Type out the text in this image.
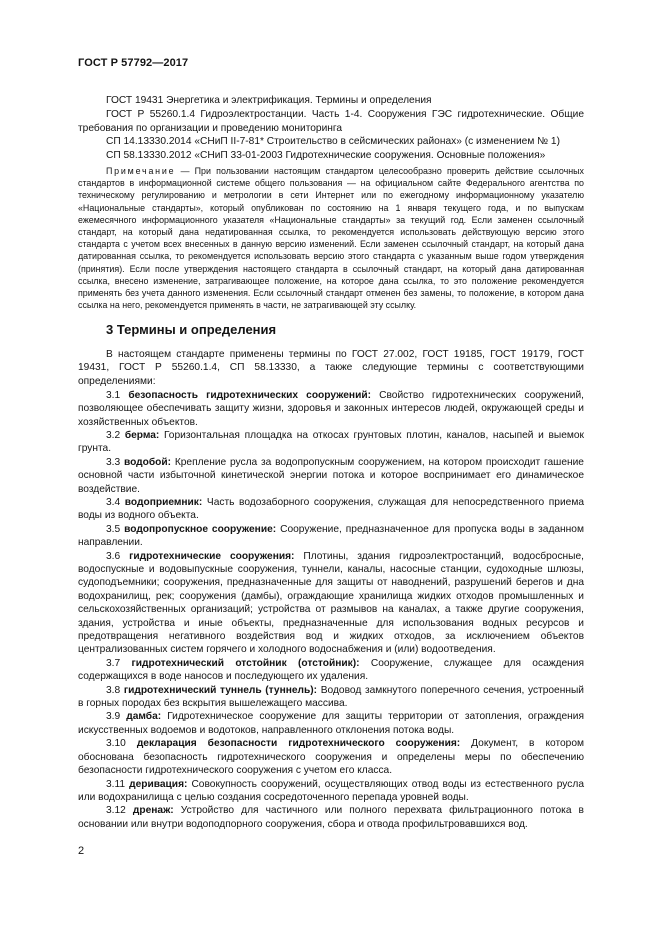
ГОСТ Р 57792—2017

ГОСТ 19431 Энергетика и электрификация. Термины и определения

ГОСТ Р 55260.1.4 Гидроэлектростанции. Часть 1-4. Сооружения ГЭС гидротехнические. Общие требования по организации и проведению мониторинга

СП 14.13330.2014 «СНиП II-7-81* Строительство в сейсмических районах» (с изменением № 1)

СП 58.13330.2012 «СНиП 33-01-2003 Гидротехнические сооружения. Основные положения»

Примечание — При пользовании настоящим стандартом целесообразно проверить действие ссылочных стандартов в информационной системе общего пользования — на официальном сайте Федерального агентства по техническому регулированию и метрологии в сети Интернет или по ежегодному информационному указателю «Национальные стандарты», который опубликован по состоянию на 1 января текущего года, и по выпускам ежемесячного информационного указателя «Национальные стандарты» за текущий год. Если заменен ссылочный стандарт, на который дана недатированная ссылка, то рекомендуется использовать действующую версию этого стандарта с учетом всех внесенных в данную версию изменений. Если заменен ссылочный стандарт, на который дана датированная ссылка, то рекомендуется использовать версию этого стандарта с указанным выше годом утверждения (принятия). Если после утверждения настоящего стандарта в ссылочный стандарт, на который дана датированная ссылка, внесено изменение, затрагивающее положение, на которое дана ссылка, то это положение рекомендуется применять без учета данного изменения. Если ссылочный стандарт отменен без замены, то положение, в котором дана ссылка на него, рекомендуется применять в части, не затрагивающей эту ссылку.

3 Термины и определения

В настоящем стандарте применены термины по ГОСТ 27.002, ГОСТ 19185, ГОСТ 19179, ГОСТ 19431, ГОСТ Р 55260.1.4, СП 58.13330, а также следующие термины с соответствующими определениями:

3.1 безопасность гидротехнических сооружений: Свойство гидротехнических сооружений, позволяющее обеспечивать защиту жизни, здоровья и законных интересов людей, окружающей среды и хозяйственных объектов.

3.2 берма: Горизонтальная площадка на откосах грунтовых плотин, каналов, насыпей и выемок грунта.

3.3 водобой: Крепление русла за водопропускным сооружением, на котором происходит гашение основной части избыточной кинетической энергии потока и которое воспринимает его динамическое воздействие.

3.4 водоприемник: Часть водозаборного сооружения, служащая для непосредственного приема воды из водного объекта.

3.5 водопропускное сооружение: Сооружение, предназначенное для пропуска воды в заданном направлении.

3.6 гидротехнические сооружения: Плотины, здания гидроэлектростанций, водосбросные, водоспускные и водовыпускные сооружения, туннели, каналы, насосные станции, судоходные шлюзы, судоподъемники; сооружения, предназначенные для защиты от наводнений, разрушений берегов и дна водохранилищ, рек; сооружения (дамбы), ограждающие хранилища жидких отходов промышленных и сельскохозяйственных организаций; устройства от размывов на каналах, а также другие сооружения, здания, устройства и иные объекты, предназначенные для использования водных ресурсов и предотвращения негативного воздействия вод и жидких отходов, за исключением объектов централизованных систем горячего и холодного водоснабжения и (или) водоотведения.

3.7 гидротехнический отстойник (отстойник): Сооружение, служащее для осаждения содержащихся в воде наносов и последующего их удаления.

3.8 гидротехнический туннель (туннель): Водовод замкнутого поперечного сечения, устроенный в горных породах без вскрытия вышележащего массива.

3.9 дамба: Гидротехническое сооружение для защиты территории от затопления, ограждения искусственных водоемов и водотоков, направленного отклонения потока воды.

3.10 декларация безопасности гидротехнического сооружения: Документ, в котором обоснована безопасность гидротехнического сооружения и определены меры по обеспечению безопасности гидротехнического сооружения с учетом его класса.

3.11 деривация: Совокупность сооружений, осуществляющих отвод воды из естественного русла или водохранилища с целью создания сосредоточенного перепада уровней воды.

3.12 дренаж: Устройство для частичного или полного перехвата фильтрационного потока в основании или внутри водоподпорного сооружения, сбора и отвода профильтровавшихся вод.

2
